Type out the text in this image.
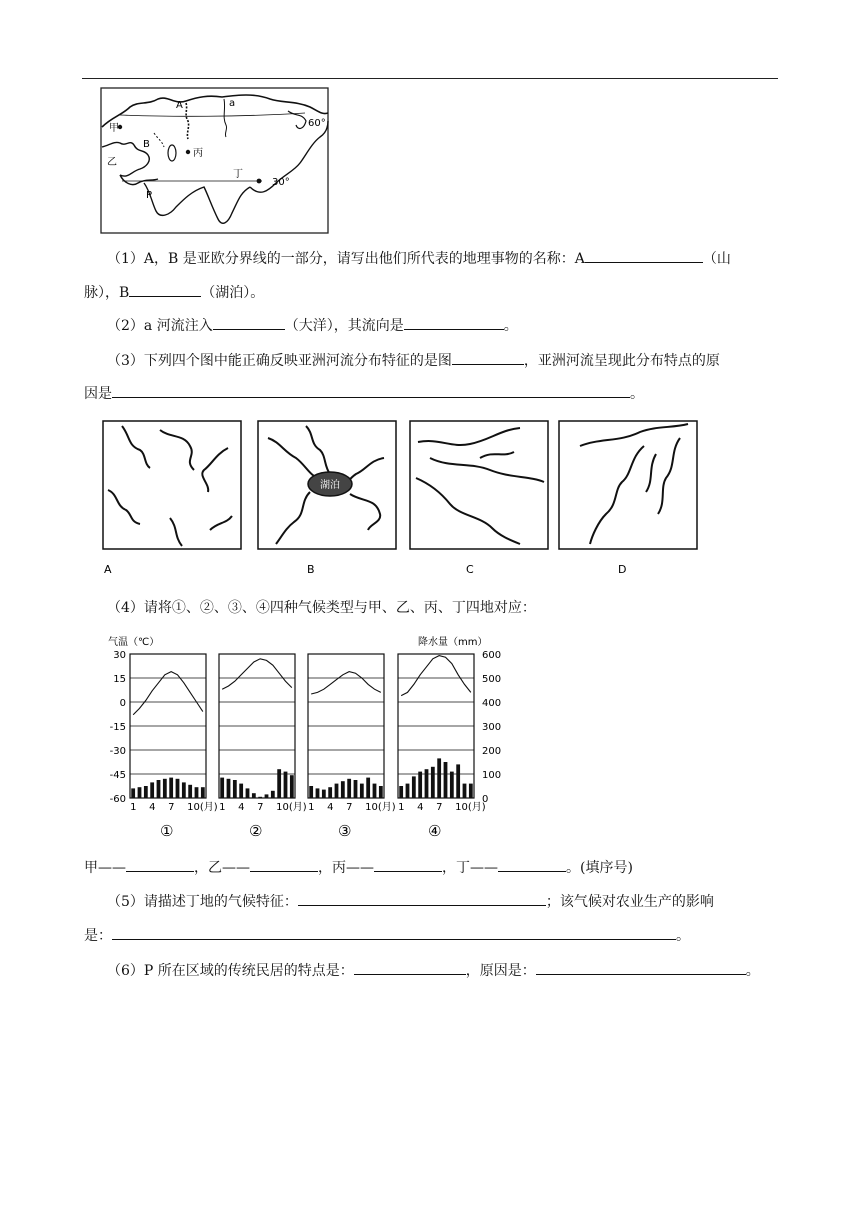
A	a
B
甲
乙
丙
丁
P
60°
30°
（1）A，B 是亚欧分界线的一部分，请写出他们所代表的地理事物的名称：A	（山
脉），B	（湖泊）。
（2）a 河流注入	（大洋），其流向是	。
（3）下列四个图中能正确反映亚洲河流分布特征的是图	，亚洲河流呈现此分布特点的原
因是	。
湖泊
A	B	C	D
（4）请将①、②、③、④四种气候类型与甲、乙、丙、丁四地对应：
气温（℃）	降水量（mm）
30
15
0
-15
-30
-45
-60
600
500
400
300
200
100
0
1 4 7 10(月)
①
1 4 7 10(月)
②
1 4 7 10(月)
③
1 4 7 10(月)
④
甲——	，乙——	，丙——	，丁——	。(填序号)
（5）请描述丁地的气候特征：	；该气候对农业生产的影响
是：	。
（6）P 所在区域的传统民居的特点是：	，原因是：	。
